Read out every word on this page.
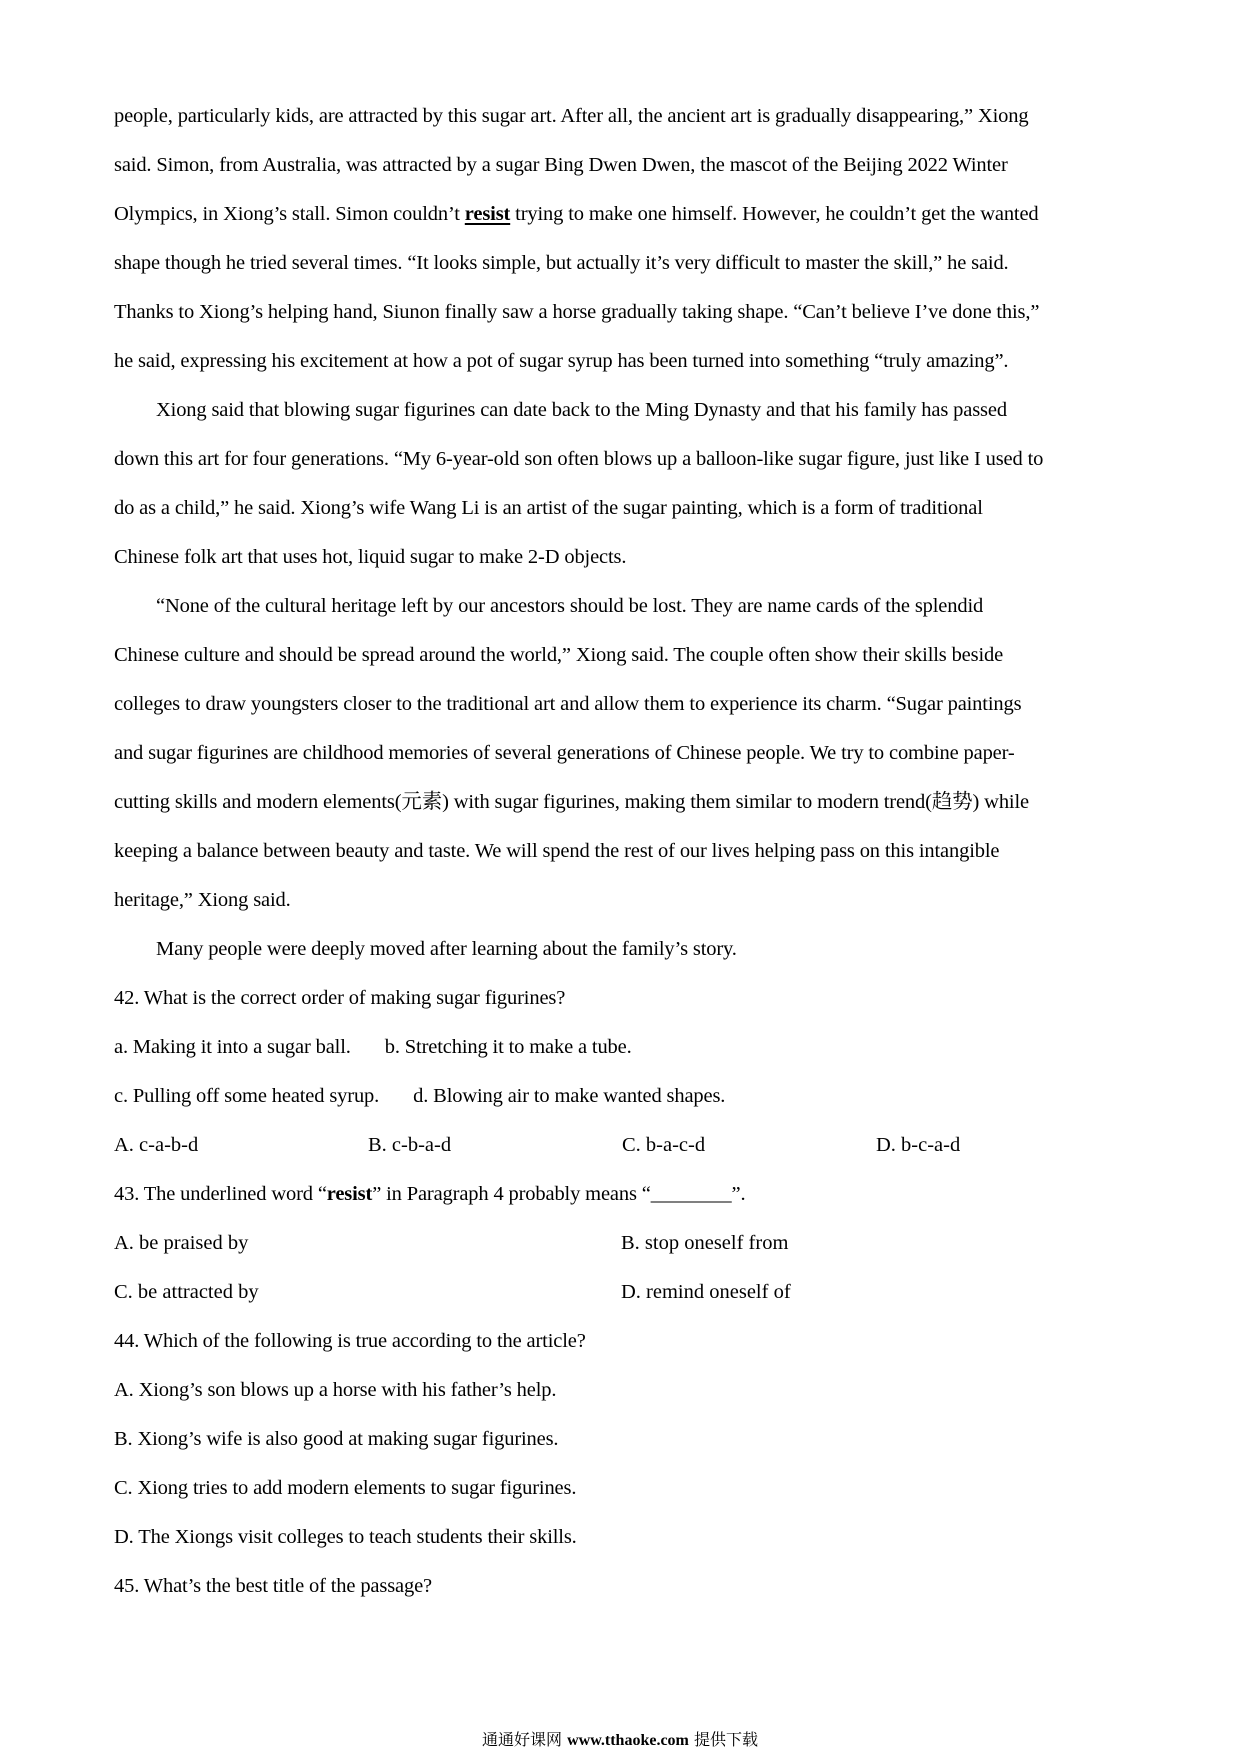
people, particularly kids, are attracted by this sugar art. After all, the ancient art is gradually disappearing,” Xiong

said. Simon, from Australia, was attracted by a sugar Bing Dwen Dwen, the mascot of the Beijing 2022 Winter

Olympics, in Xiong’s stall. Simon couldn’t resist trying to make one himself. However, he couldn’t get the wanted

shape though he tried several times. “It looks simple, but actually it’s very difficult to master the skill,” he said.

Thanks to Xiong’s helping hand, Siunon finally saw a horse gradually taking shape. “Can’t believe I’ve done this,”

he said, expressing his excitement at how a pot of sugar syrup has been turned into something “truly amazing”.

Xiong said that blowing sugar figurines can date back to the Ming Dynasty and that his family has passed

down this art for four generations. “My 6-year-old son often blows up a balloon-like sugar figure, just like I used to

do as a child,” he said. Xiong’s wife Wang Li is an artist of the sugar painting, which is a form of traditional

Chinese folk art that uses hot, liquid sugar to make 2-D objects.

“None of the cultural heritage left by our ancestors should be lost. They are name cards of the splendid

Chinese culture and should be spread around the world,” Xiong said. The couple often show their skills beside

colleges to draw youngsters closer to the traditional art and allow them to experience its charm. “Sugar paintings

and sugar figurines are childhood memories of several generations of Chinese people. We try to combine paper-

cutting skills and modern elements(元素) with sugar figurines, making them similar to modern trend(趋势) while

keeping a balance between beauty and taste. We will spend the rest of our lives helping pass on this intangible

heritage,” Xiong said.

Many people were deeply moved after learning about the family’s story.

42. What is the correct order of making sugar figurines?

a. Making it into a sugar ball. b. Stretching it to make a tube.

c. Pulling off some heated syrup. d. Blowing air to make wanted shapes.

A. c-a-b-d	B. c-b-a-d	C. b-a-c-d	D. b-c-a-d

43. The underlined word “resist” in Paragraph 4 probably means “________”.

A. be praised by	B. stop oneself from
C. be attracted by	D. remind oneself of

44. Which of the following is true according to the article?

A. Xiong’s son blows up a horse with his father’s help.

B. Xiong’s wife is also good at making sugar figurines.

C. Xiong tries to add modern elements to sugar figurines.

D. The Xiongs visit colleges to teach students their skills.

45. What’s the best title of the passage?

通通好课网 www.tthaoke.com 提供下载
